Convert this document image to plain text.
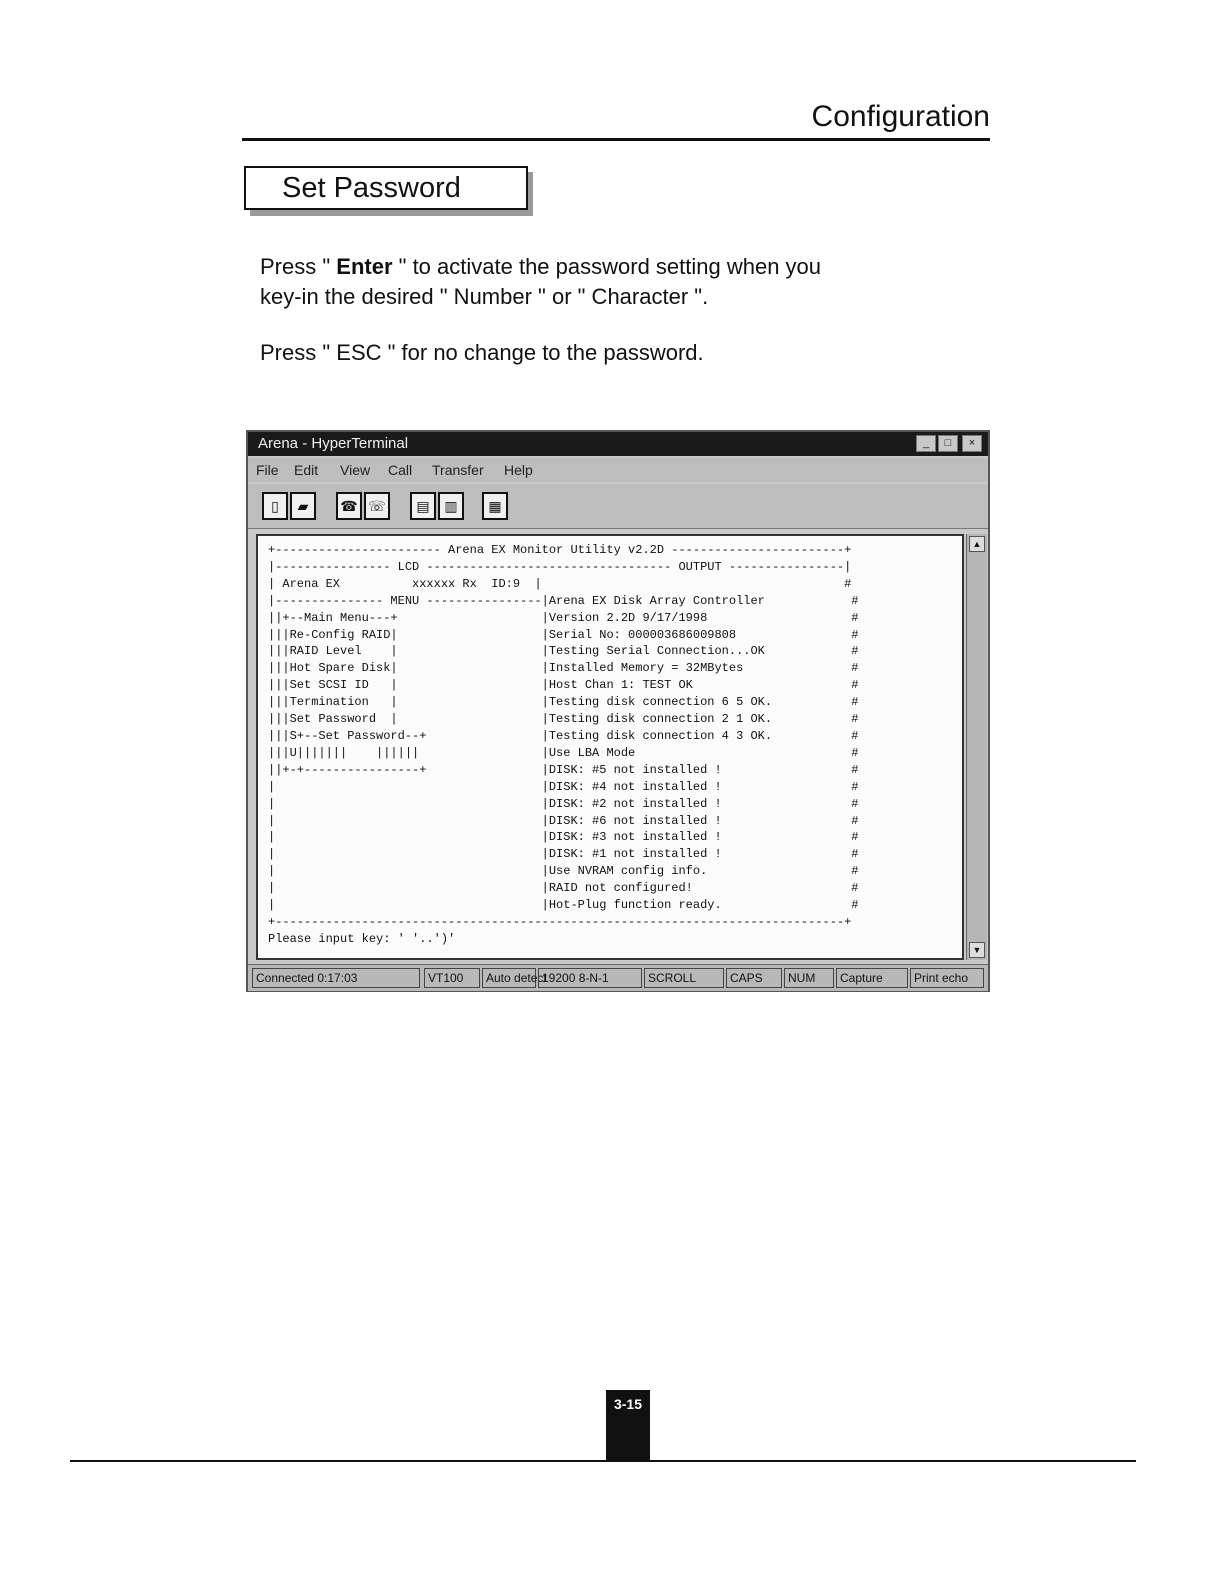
Configuration
Set Password
Press " Enter " to activate the password setting when you
key-in the desired " Number " or " Character ".
Press " ESC " for no change to the password.
Arena - HyperTerminal	_	□	×
File Edit View Call Transfer Help
▯	▰	☎ ☏	▤	▥	▦
+----------------------- Arena EX Monitor Utility v2.2D ------------------------+
|---------------- LCD ---------------------------------- OUTPUT ----------------|
| Arena EX          xxxxxx Rx  ID:9  |                                          #
|--------------- MENU ----------------|Arena EX Disk Array Controller            #
||+--Main Menu---+                    |Version 2.2D 9/17/1998                    #
|||Re-Config RAID|                    |Serial No: 000003686009808                #
|||RAID Level    |                    |Testing Serial Connection...OK            #
|||Hot Spare Disk|                    |Installed Memory = 32MBytes               #
|||Set SCSI ID   |                    |Host Chan 1: TEST OK                      #
|||Termination   |                    |Testing disk connection 6 5 OK.           #
|||Set Password  |                    |Testing disk connection 2 1 OK.           #
|||S+--Set Password--+                |Testing disk connection 4 3 OK.           #
|||U|||||||    ||||||                 |Use LBA Mode                              #
||+-+----------------+                |DISK: #5 not installed !                  #
|                                     |DISK: #4 not installed !                  #
|                                     |DISK: #2 not installed !                  #
|                                     |DISK: #6 not installed !                  #
|                                     |DISK: #3 not installed !                  #
|                                     |DISK: #1 not installed !                  #
|                                     |Use NVRAM config info.                    #
|                                     |RAID not configured!                      #
|                                     |Hot-Plug function ready.                  #
+-------------------------------------------------------------------------------+
Please input key: ' '..')'
▲
▼
Connected 0:17:03	VT100	Auto detect
19200 8-N-1	SCROLL	CAPS	NUM	Capture	Print echo
3-15
